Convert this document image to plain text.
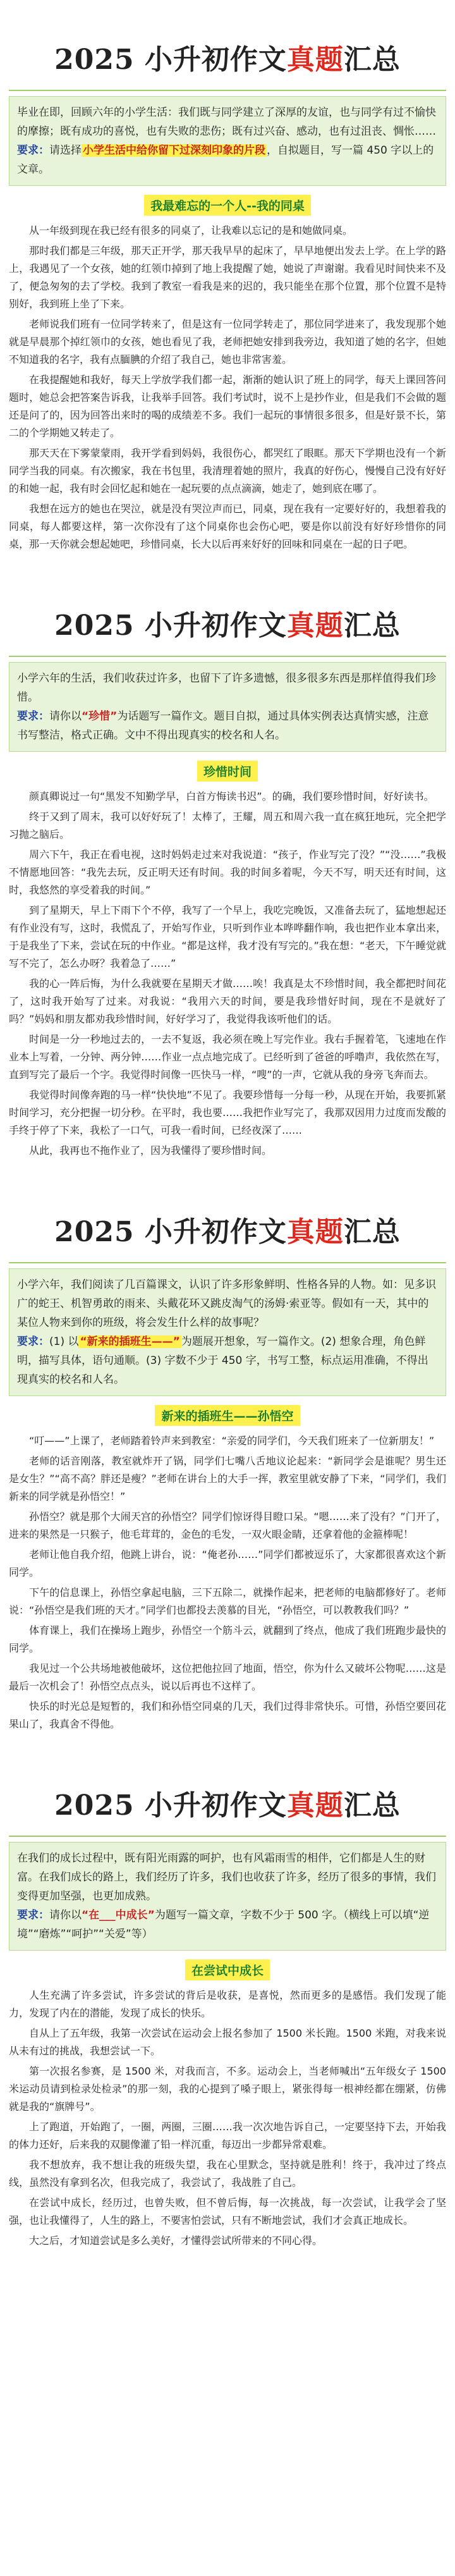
2025 小升初作文真题汇总
毕业在即，回顾六年的小学生活：我们既与同学建立了深厚的友谊，也与同学有过不愉快的摩擦；既有成功的喜悦，也有失败的悲伤；既有过兴奋、感动，也有过沮丧、惆怅……
要求：请选择 小学生活中给你留下过深刻印象的片段 ，自拟题目，写一篇 450 字以上的文章。
我最难忘的一个人--我的同桌

从一年级到现在我已经有很多的同桌了，让我难以忘记的是和她做同桌。

那时我们都是三年级，那天正开学，那天我早早的起床了，早早地便出发去上学。在上学的路上，我遇见了一个女孩，她的红领巾掉到了地上我提醒了她，她说了声谢谢。我看见时间快来不及了，便急匆匆的去了学校。我到了教室一看我是来的迟的，我只能坐在那个位置，那个位置不是特别好，我到班上坐了下来。

老师说我们班有一位同学转来了，但是这有一位同学转走了，那位同学进来了，我发现那个她就是早晨那个掉红领巾的女孩，她也看见了我，老师把她安排到我旁边，我知道了她的名字，但她不知道我的名字，我有点腼腆的介绍了我自己，她也非常害羞。

在我提醒她和我好，每天上学放学我们都一起，渐渐的她认识了班上的同学，每天上课回答问题时，她总会把答案告诉我，让我举手回答。我们考试时，说不上是抄作业，但是我们不会做的题还是问了的，因为回答出来时的喝的成绩差不多。我们一起玩的事情很多很多，但是好景不长，第二的个学期她又转走了。

那天天在下雾蒙蒙雨，我开学看到妈妈，我很伤心，都哭红了眼眶。那天下学期也没有一个新同学当我的同桌。有次搬家，我在书包里，我清理着她的照片，我真的好伤心，慢慢自己没有好好的和她一起，我有时会回忆起和她在一起玩要的点点滴滴，她走了，她到底在哪了。

我想在远方的她也在哭泣，就是没有哭泣声而已，同桌，现在我有一定要好好的，我想着我的同桌，每人都要这样，第一次你没有了这个同桌你也会伤心吧，要是你以前没有好好珍惜你的同桌，那一天你就会想起她吧，珍惜同桌，长大以后再来好好的回味和同桌在一起的日子吧。

2025 小升初作文真题汇总
小学六年的生活，我们收获过许多，也留下了许多遗憾，很多很多东西是那样值得我们珍惜。
要求：请你以“珍惜”为话题写一篇作文。题目自拟，通过具体实例表达真情实感，注意书写整洁，格式正确。文中不得出现真实的校名和人名。
珍惜时间

颜真卿说过一句“黑发不知勤学早，白首方悔读书迟”。的确，我们要珍惜时间，好好读书。

终于又到了周末，我可以好好玩了！太棒了，王耀，周五和周六我一直在疯狂地玩，完全把学习抛之脑后。

周六下午，我正在看电视，这时妈妈走过来对我说道：“孩子，作业写完了没？”“没……”我极不情愿地回答：“我先去玩，反正明天还有时间。我的时间多着呢，今天不写，明天还有时间，这时，我悠然的享受着我的时间。”

到了星期天，早上下雨下个不停，我写了一个早上，我吃完晚饭，又准备去玩了，猛地想起还有作业没有写，这时，我慌乱了，开始写作业，只听到作业本哗哗翻作响，我也把作业本拿出来，于是我坐了下来，尝试在玩的中作业。“都是这样，我才没有写完的。”我在想：“老天，下午睡觉就写不完了，怎么办呀？我着急了……”

我的心一阵后悔，为什么我就要在星期天才做……唉！我真是太不珍惜时间，我全都把时间花了，这时我开始写了过来。对我说：“我用六天的时间，要是我珍惜好时间，现在不是就好了吗？”妈妈和朋友都劝我珍惜时间，好好学习了，我觉得我该听他们的话。

时间是一分一秒地过去的，一去不复返，我必须在晚上写完作业。我右手握着笔，飞速地在作业本上写着，一分钟、两分钟……作业一点点地完成了。已经听到了爸爸的呼噜声，我依然在写，直到写完了最后一个字。我觉得时间像一匹快马一样，“嗖”的一声，它就从我的身旁飞奔而去。

我觉得时间像奔跑的马一样“快快地”不见了。我要珍惜每一分每一秒，从现在开始，我要抓紧时间学习，充分把握一切分秒。在平时，我也要……我把作业写完了，我那双因用力过度而发酸的手终于停了下来，我松了一口气，可我一看时间，已经夜深了……

从此，我再也不拖作业了，因为我懂得了要珍惜时间。

2025 小升初作文真题汇总
小学六年，我们阅读了几百篇课文，认识了许多形象鲜明、性格各异的人物。如：见多识广的蛇王、机智勇敢的雨来、头戴花环又跳皮淘气的汤姆·索亚等。假如有一天，其中的某位人物来到你的班级，将会发生什么样的故事呢？
要求：(1) 以 “新来的插班生——” 为题展开想象，写一篇作文。(2) 想象合理，角色鲜明，描写具体，语句通顺。(3) 字数不少于 450 字，书写工整，标点运用准确，不得出现真实的校名和人名。
新来的插班生——孙悟空

“叮——”上课了，老师踏着铃声来到教室：“亲爱的同学们，今天我们班来了一位新朋友！”

老师的话音刚落，教室就炸开了锅，同学们七嘴八舌地议论起来：“新同学会是谁呢？男生还是女生？”“高不高？胖还是瘦？”老师在讲台上的大手一挥，教室里就安静了下来，“同学们，我们新来的同学就是孙悟空！”

孙悟空？就是那个大闹天宫的孙悟空？同学们惊讶得目瞪口呆。“嗯……来了没有？”门开了，进来的果然是一只猴子，他毛茸茸的，金色的毛发，一双火眼金睛，还拿着他的金箍棒呢！

老师让他自我介绍，他跳上讲台，说：“俺老孙……”同学们都被逗乐了，大家都很喜欢这个新同学。

下午的信息课上，孙悟空拿起电脑，三下五除二，就操作起来，把老师的电脑都修好了。老师说：“孙悟空是我们班的天才。”同学们也都投去羡慕的目光，“孙悟空，可以教教我们吗？”

体育课上，我们在操场上跑步，孙悟空一个筋斗云，就翻到了终点，他成了我们班跑步最快的同学。

我见过一个公共场地被他破坏，这位把他拉回了地面，悟空，你为什么又破坏公物呢……这是最后一次机会了！孙悟空点点头，说以后再也不这样了。

快乐的时光总是短暂的，我们和孙悟空同桌的几天，我们过得非常快乐。可惜，孙悟空要回花果山了，我真舍不得他。

2025 小升初作文真题汇总
在我们的成长过程中，既有阳光雨露的呵护，也有风霜雨雪的相伴，它们都是人生的财富。在我们成长的路上，我们经历了许多，我们也收获了许多，经历了很多的事情，我们变得更加坚强，也更加成熟。
要求：请你以“在___中成长”为题写一篇文章，字数不少于 500 字。（横线上可以填“逆境”“磨炼”“呵护”“关爱”等）
在尝试中成长

人生充满了许多尝试，许多尝试的背后是收获，是喜悦，然而更多的是感悟。我们发现了能力，发现了内在的潜能，发现了成长的快乐。

自从上了五年级，我第一次尝试在运动会上报名参加了 1500 米长跑。1500 米跑，对我来说从未有过的挑战，我想尝试一下。

第一次报名参赛，是 1500 米，对我而言，不多。运动会上，当老师喊出“五年级女子 1500 米运动员请到检录处检录”的那一刻，我的心提到了嗓子眼上，紧张得每一根神经都在绷紧，仿佛就是我的“旗牌号”。

上了跑道，开始跑了，一圈，两圈，三圈……我一次次地告诉自己，一定要坚持下去，开始我的体力还好，后来我的双腿像灌了铅一样沉重，每迈出一步都异常艰难。

我不想放弃，我不想让我的班级失望，我在心里默念，坚持就是胜利！终于，我冲过了终点线，虽然没有拿到名次，但我完成了，我尝试了，我战胜了自己。

在尝试中成长，经历过，也曾失败，但不曾后悔，每一次挑战，每一次尝试，让我学会了坚强，也让我懂得了，人生的路上，不要害怕尝试，只有不断地尝试，我们才会真正地成长。

大之后，才知道尝试是多么美好，才懂得尝试所带来的不同心得。
